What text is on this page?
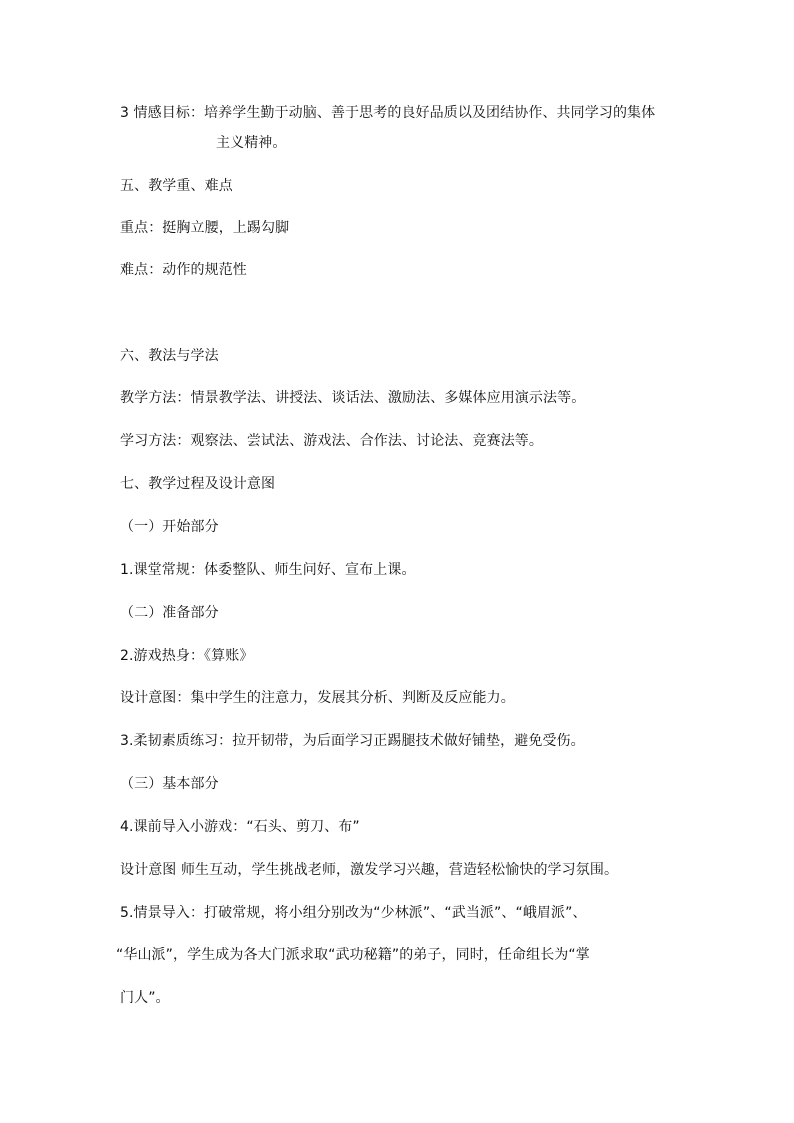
3 情感目标：培养学生勤于动脑、善于思考的良好品质以及团结协作、共同学习的集体
主义精神。
五、教学重、难点
重点：挺胸立腰，上踢勾脚
难点：动作的规范性
六、教法与学法
教学方法：情景教学法、讲授法、谈话法、激励法、多媒体应用演示法等。
学习方法：观察法、尝试法、游戏法、合作法、讨论法、竞赛法等。
七、教学过程及设计意图
（一）开始部分
1.课堂常规：体委整队、师生问好、宣布上课。
（二）准备部分
2.游戏热身：《算账》
设计意图：集中学生的注意力，发展其分析、判断及反应能力。
3.柔韧素质练习：拉开韧带，为后面学习正踢腿技术做好铺垫，避免受伤。
（三）基本部分
4.课前导入小游戏：“石头、剪刀、布”
设计意图 师生互动，学生挑战老师，激发学习兴趣，营造轻松愉快的学习氛围。
5.情景导入：打破常规，将小组分别改为“少林派”、“武当派”、“峨眉派”、
“华山派”，学生成为各大门派求取“武功秘籍”的弟子，同时，任命组长为“掌
门人”。
